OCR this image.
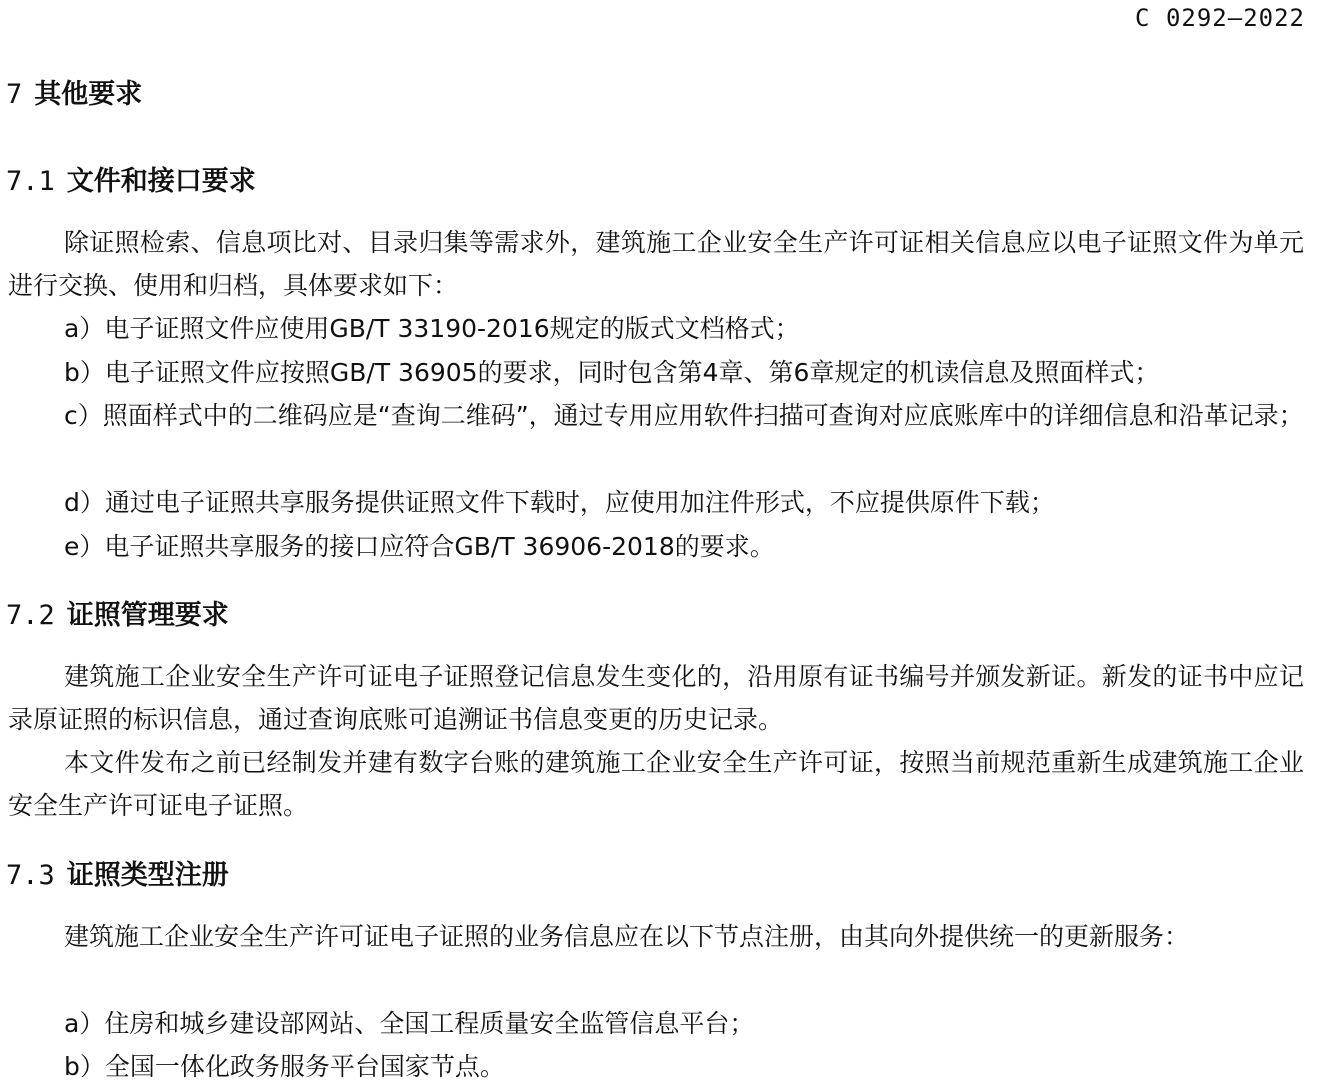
C 0292—2022
7 其他要求
7.1 文件和接口要求

除证照检索、信息项比对、目录归集等需求外，建筑施工企业安全生产许可证相关信息应以电子证照文件为单元进行交换、使用和归档，具体要求如下：

a）电子证照文件应使用GB/T 33190-2016规定的版式文档格式；

b）电子证照文件应按照GB/T 36905的要求，同时包含第4章、第6章规定的机读信息及照面样式；

c）照面样式中的二维码应是“查询二维码”，通过专用应用软件扫描可查询对应底账库中的详细信息和沿革记录；

d）通过电子证照共享服务提供证照文件下载时，应使用加注件形式，不应提供原件下载；

e）电子证照共享服务的接口应符合GB/T 36906-2018的要求。

7.2 证照管理要求

建筑施工企业安全生产许可证电子证照登记信息发生变化的，沿用原有证书编号并颁发新证。新发的证书中应记录原证照的标识信息，通过查询底账可追溯证书信息变更的历史记录。

本文件发布之前已经制发并建有数字台账的建筑施工企业安全生产许可证，按照当前规范重新生成建筑施工企业安全生产许可证电子证照。

7.3 证照类型注册

建筑施工企业安全生产许可证电子证照的业务信息应在以下节点注册，由其向外提供统一的更新服务：

a）住房和城乡建设部网站、全国工程质量安全监管信息平台；

b）全国一体化政务服务平台国家节点。
